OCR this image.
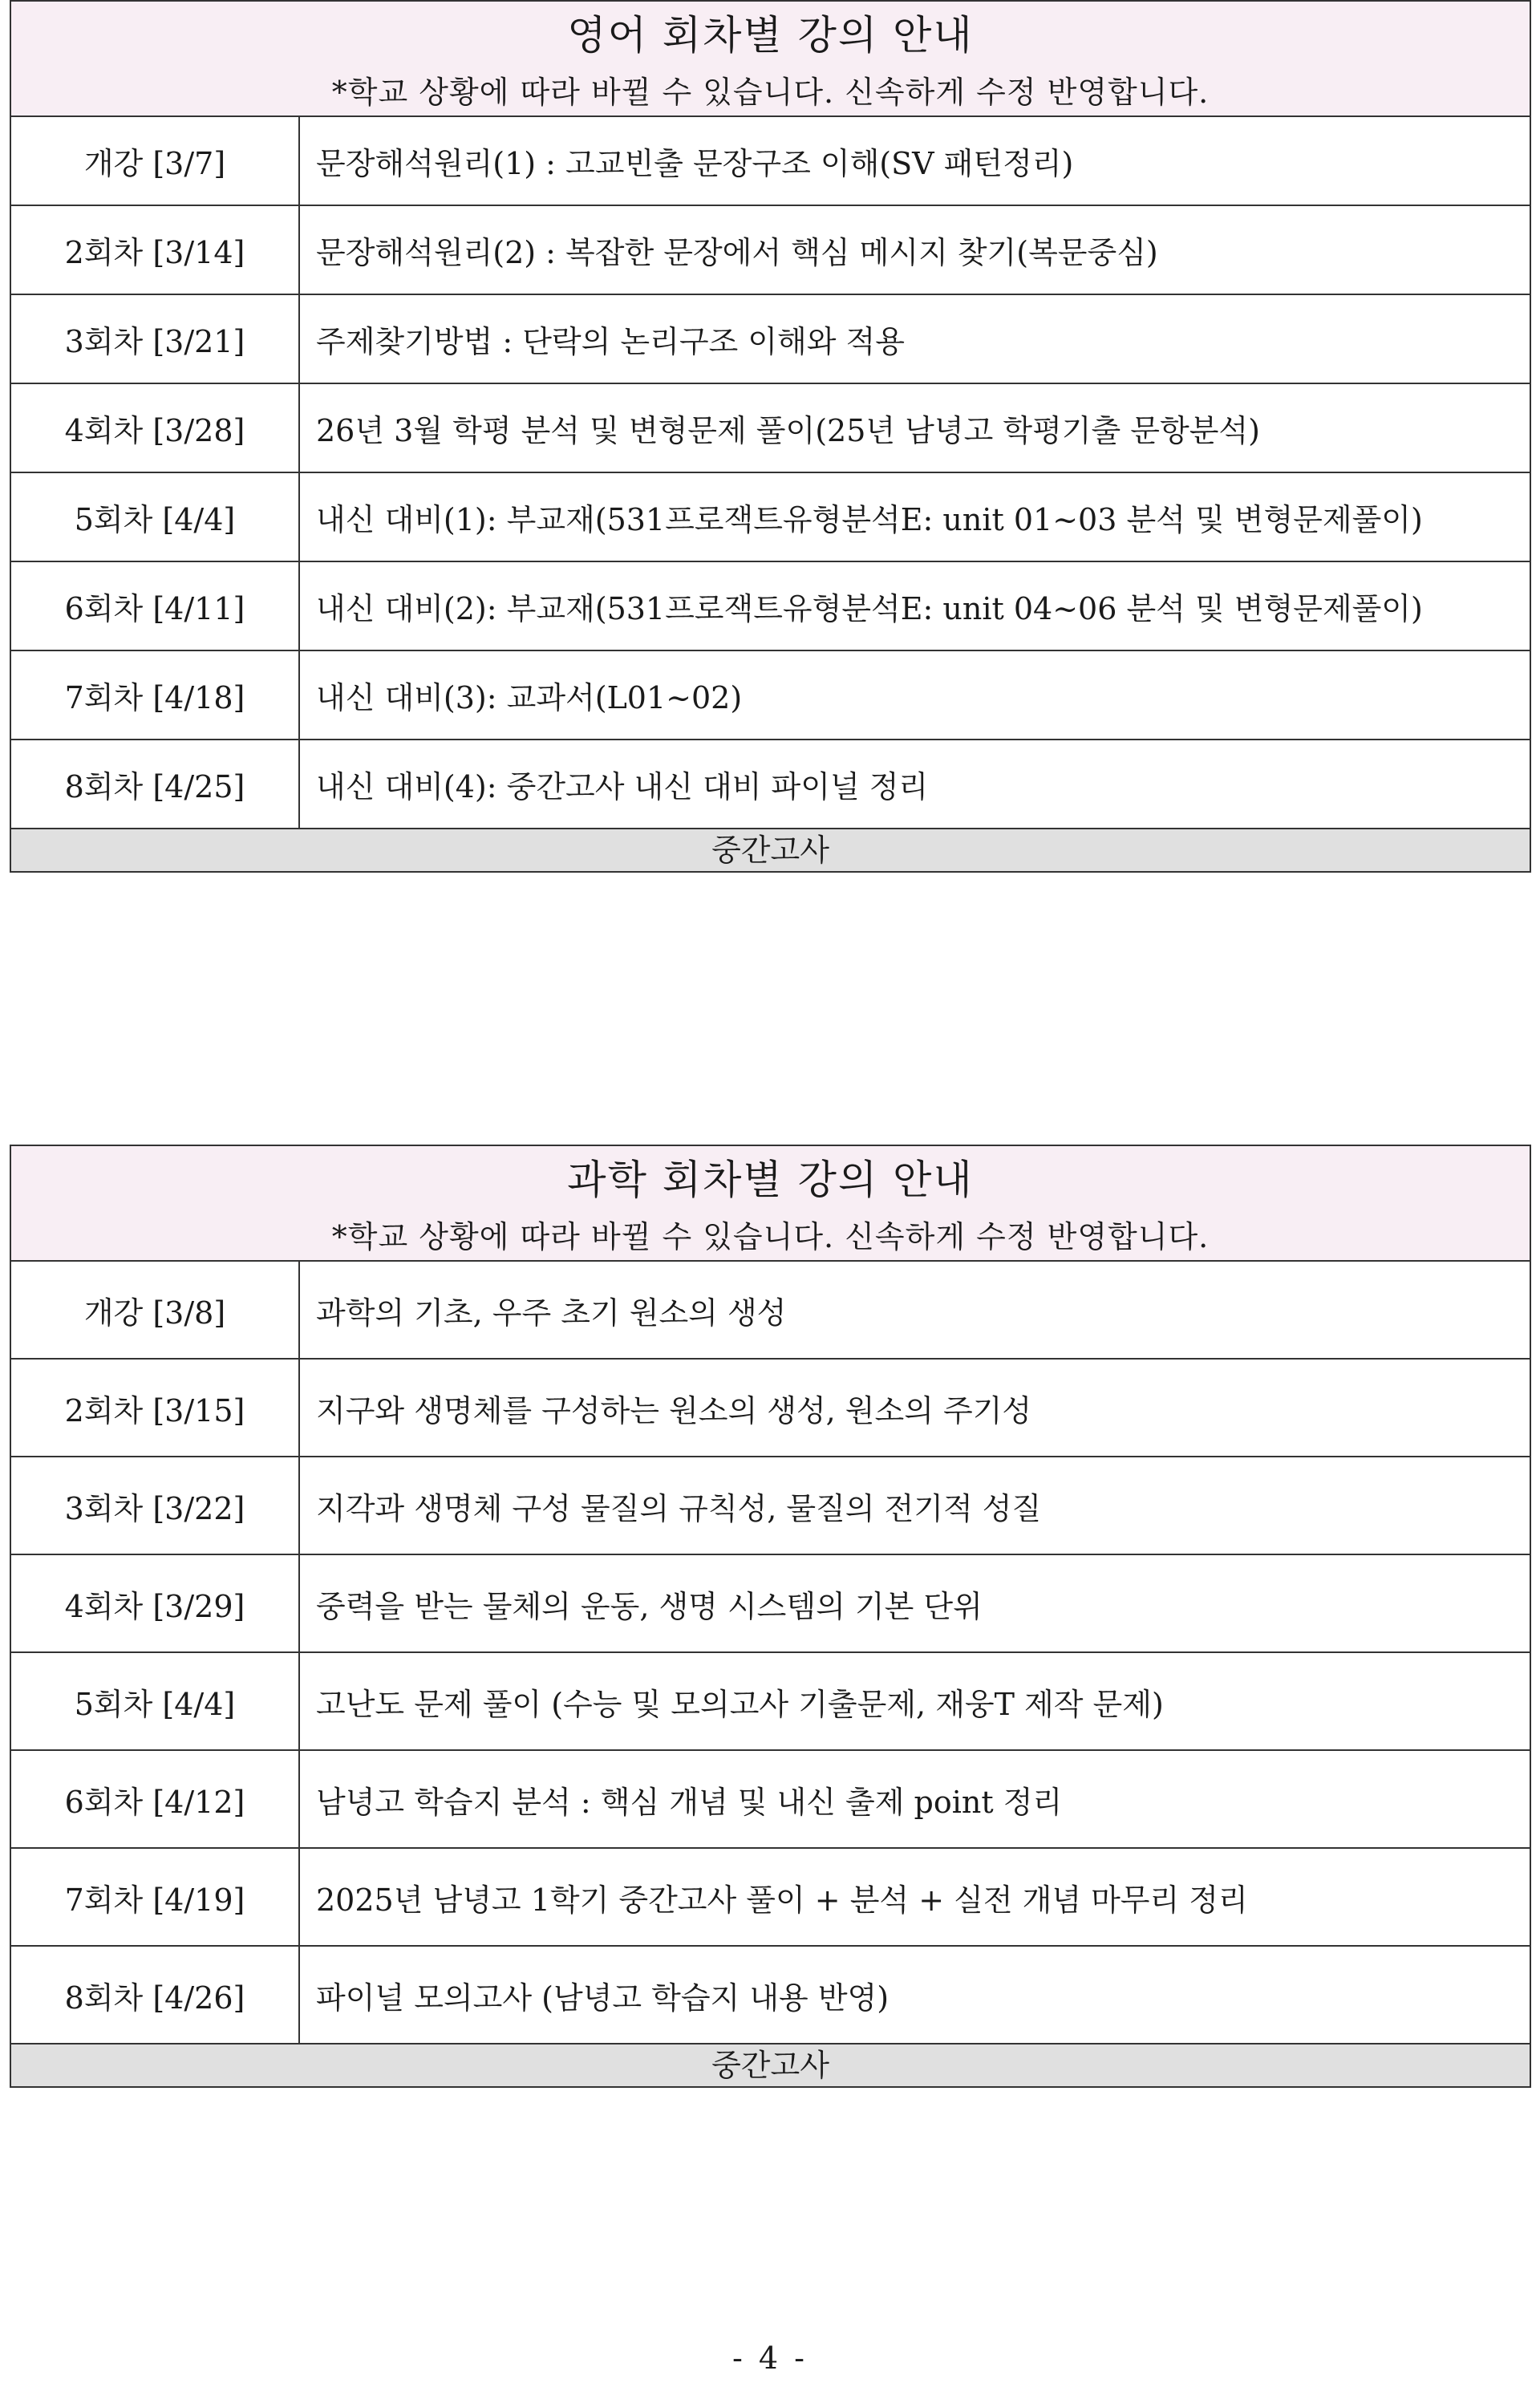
영어 회차별 강의 안내
*학교 상황에 따라 바뀔 수 있습니다. 신속하게 수정 반영합니다.
개강 [3/7]	문장해석원리(1) : 고교빈출 문장구조 이해(SV 패턴정리)
2회차 [3/14]	문장해석원리(2) : 복잡한 문장에서 핵심 메시지 찾기(복문중심)
3회차 [3/21]	주제찾기방법 : 단락의 논리구조 이해와 적용
4회차 [3/28]	26년 3월 학평 분석 및 변형문제 풀이(25년 남녕고 학평기출 문항분석)
5회차 [4/4]	내신 대비(1): 부교재(531프로잭트유형분석E: unit 01~03 분석 및 변형문제풀이)
6회차 [4/11]	내신 대비(2): 부교재(531프로잭트유형분석E: unit 04~06 분석 및 변형문제풀이)
7회차 [4/18]	내신 대비(3): 교과서(L01~02)
8회차 [4/25]	내신 대비(4): 중간고사 내신 대비 파이널 정리
중간고사
과학 회차별 강의 안내
*학교 상황에 따라 바뀔 수 있습니다. 신속하게 수정 반영합니다.
개강 [3/8]	과학의 기초, 우주 초기 원소의 생성
2회차 [3/15]	지구와 생명체를 구성하는 원소의 생성, 원소의 주기성
3회차 [3/22]	지각과 생명체 구성 물질의 규칙성, 물질의 전기적 성질
4회차 [3/29]	중력을 받는 물체의 운동, 생명 시스템의 기본 단위
5회차 [4/4]	고난도 문제 풀이 (수능 및 모의고사 기출문제, 재웅T 제작 문제)
6회차 [4/12]	남녕고 학습지 분석 : 핵심 개념 및 내신 출제 point 정리
7회차 [4/19]	2025년 남녕고 1학기 중간고사 풀이 + 분석 + 실전 개념 마무리 정리
8회차 [4/26]	파이널 모의고사 (남녕고 학습지 내용 반영)
중간고사
- 4 -
